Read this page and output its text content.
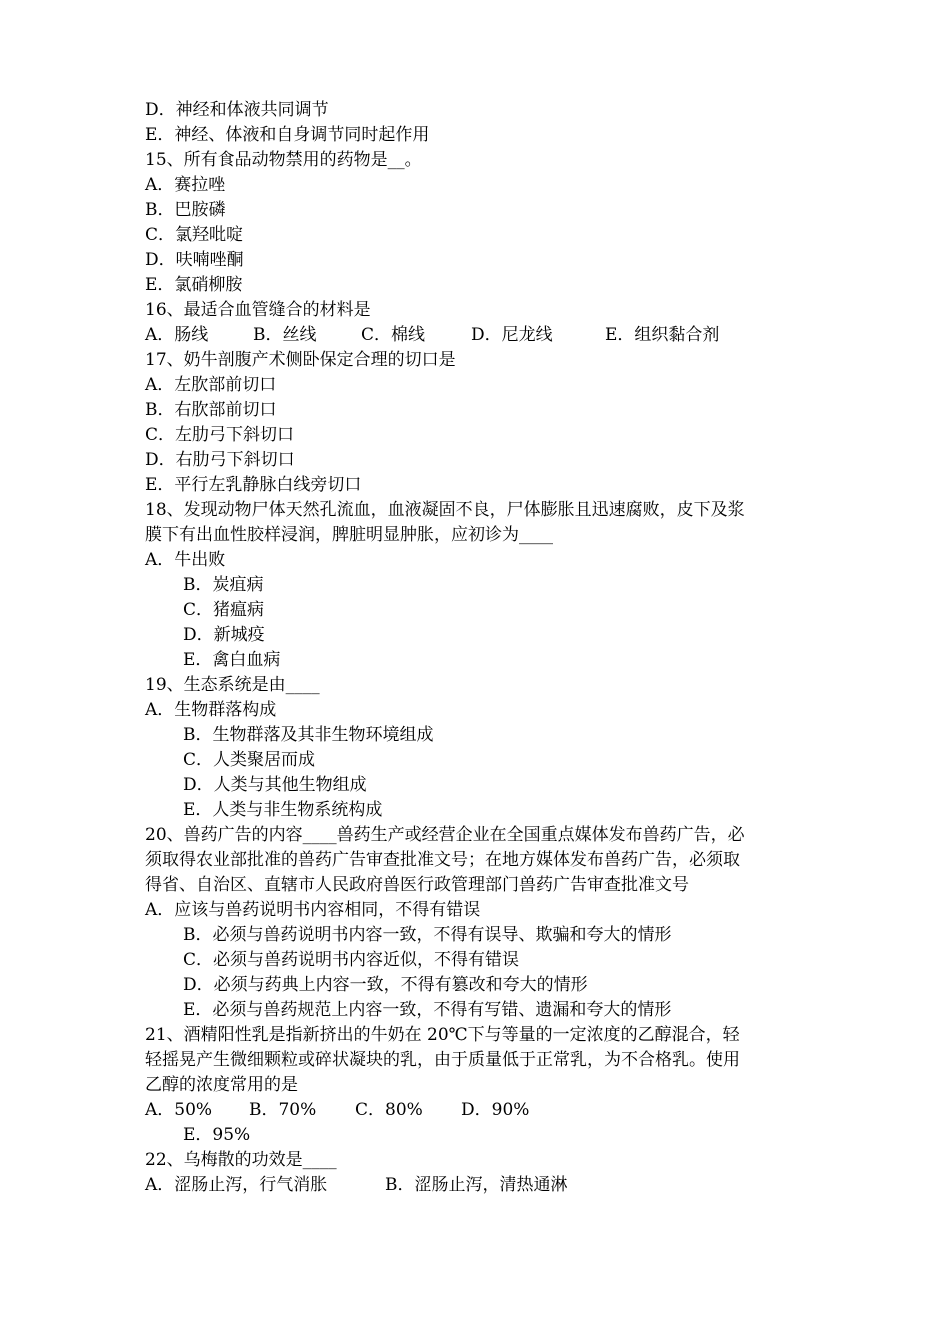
D．神经和体液共同调节
E．神经、体液和自身调节同时起作用
15、所有食品动物禁用的药物是__。
A．赛拉唑
B．巴胺磷
C．氯羟吡啶
D．呋喃唑酮
E．氯硝柳胺
16、最适合血管缝合的材料是
A．肠线	B．丝线	C．棉线	D．尼龙线	E．组织黏合剂
17、奶牛剖腹产术侧卧保定合理的切口是
A．左肷部前切口
B．右肷部前切口
C．左肋弓下斜切口
D．右肋弓下斜切口
E．平行左乳静脉白线旁切口
18、发现动物尸体天然孔流血，血液凝固不良，尸体膨胀且迅速腐败，皮下及浆
膜下有出血性胶样浸润，脾脏明显肿胀，应初诊为____
A．牛出败
B．炭疽病
C．猪瘟病
D．新城疫
E．禽白血病
19、生态系统是由____
A．生物群落构成
B．生物群落及其非生物环境组成
C．人类聚居而成
D．人类与其他生物组成
E．人类与非生物系统构成
20、兽药广告的内容____兽药生产或经营企业在全国重点媒体发布兽药广告，必
须取得农业部批准的兽药广告审查批准文号；在地方媒体发布兽药广告，必须取
得省、自治区、直辖市人民政府兽医行政管理部门兽药广告审查批准文号
A．应该与兽药说明书内容相同，不得有错误
B．必须与兽药说明书内容一致，不得有误导、欺骗和夸大的情形
C．必须与兽药说明书内容近似，不得有错误
D．必须与药典上内容一致，不得有篡改和夸大的情形
E．必须与兽药规范上内容一致，不得有写错、遗漏和夸大的情形
21、酒精阳性乳是指新挤出的牛奶在 20℃下与等量的一定浓度的乙醇混合，轻
轻摇晃产生微细颗粒或碎状凝块的乳，由于质量低于正常乳，为不合格乳。使用
乙醇的浓度常用的是
A．50%	B．70%	C．80%	D．90%
E．95%
22、乌梅散的功效是____
A．涩肠止泻，行气消胀	B．涩肠止泻，清热通淋
